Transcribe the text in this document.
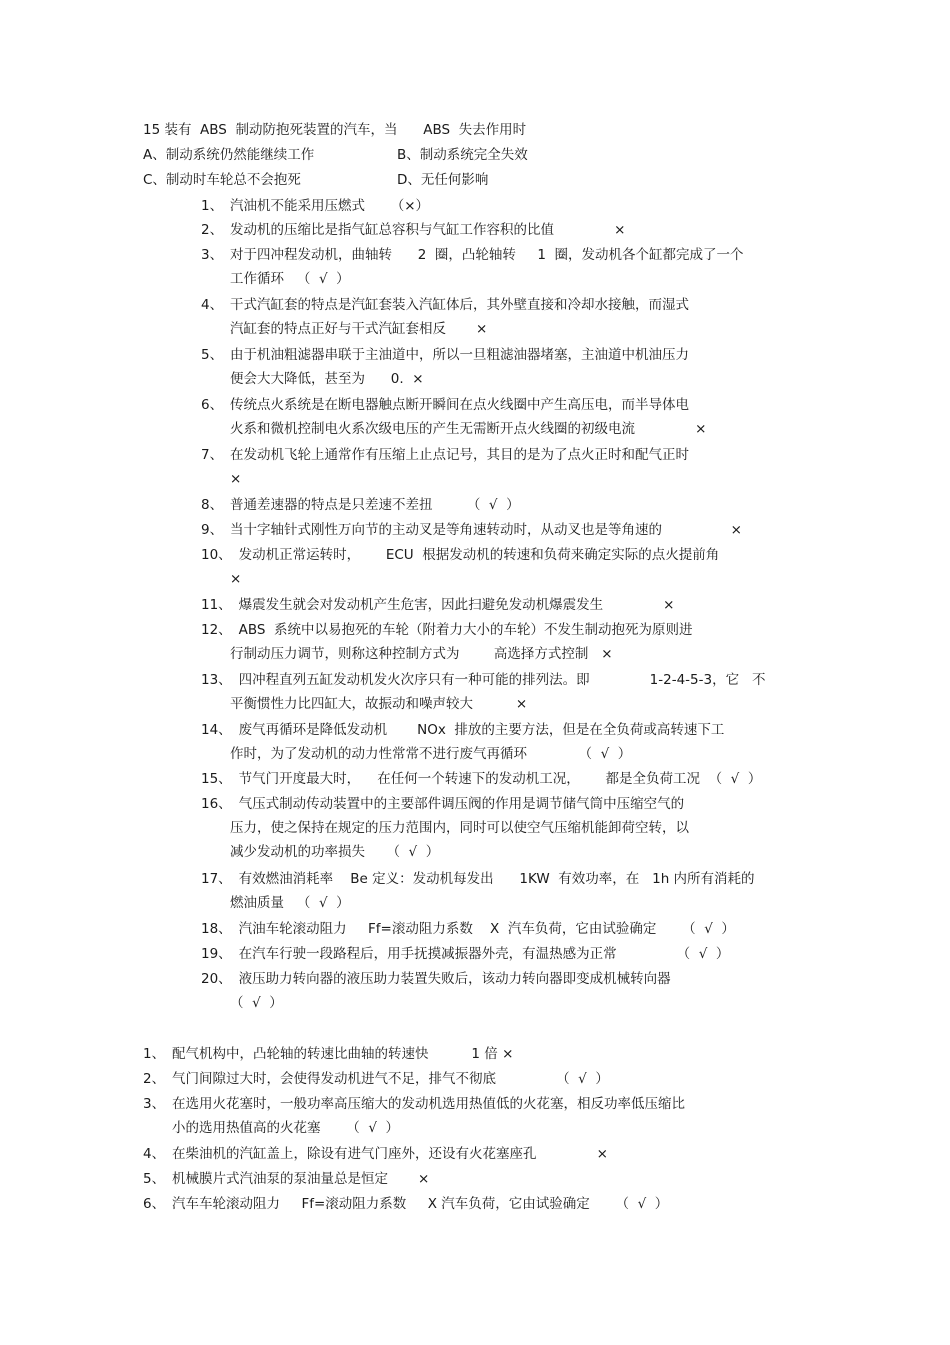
15 装有  ABS  制动防抱死装置的汽车，当      ABS  失去作用时
A、制动系统仍然能继续工作	B、制动系统完全失效
C、制动时车轮总不会抱死	D、无任何影响
1、 汽油机不能采用压燃式      （×）
2、 发动机的压缩比是指气缸总容积与气缸工作容积的比值              ×
3、 对于四冲程发动机，曲轴转      2  圈，凸轮轴转     1  圈，发动机各个缸都完成了一个
工作循环   （  √  ）
4、 干式汽缸套的特点是汽缸套装入汽缸体后，其外壁直接和冷却水接触，而湿式
汽缸套的特点正好与干式汽缸套相反       ×
5、 由于机油粗滤器串联于主油道中，所以一旦粗滤油器堵塞，主油道中机油压力
便会大大降低，甚至为      0.  ×
6、 传统点火系统是在断电器触点断开瞬间在点火线圈中产生高压电，而半导体电
火系和微机控制电火系次级电压的产生无需断开点火线圈的初级电流              ×
7、 在发动机飞轮上通常作有压缩上止点记号，其目的是为了点火正时和配气正时
×
8、 普通差速器的特点是只差速不差扭        （  √  ）
9、 当十字轴针式刚性万向节的主动叉是等角速转动时，从动叉也是等角速的                ×
10、
发动机正常运转时，      ECU  根据发动机的转速和负荷来确定实际的点火提前角
×
11、
爆震发生就会对发动机产生危害，因此扫避免发动机爆震发生              ×
12、
ABS  系统中以易抱死的车轮（附着力大小的车轮）不发生制动抱死为原则进
行制动压力调节，则称这种控制方式为        高选择方式控制   ×
13、
四冲程直列五缸发动机发火次序只有一种可能的排列法。即              1-2-4-5-3，它   不
平衡惯性力比四缸大，故振动和噪声较大          ×
14、
废气再循环是降低发动机       NOx  排放的主要方法，但是在全负荷或高转速下工
作时，为了发动机的动力性常常不进行废气再循环            （  √  ）
15、
节气门开度最大时，    在任何一个转速下的发动机工况，      都是全负荷工况  （  √  ）
16、
气压式制动传动装置中的主要部件调压阀的作用是调节储气筒中压缩空气的
压力，使之保持在规定的压力范围内，同时可以使空气压缩机能卸荷空转，以
减少发动机的功率损失     （  √  ）
17、
有效燃油消耗率    Be 定义：发动机每发出      1KW  有效功率，在   1h 内所有消耗的
燃油质量   （  √  ）
18、
汽油车轮滚动阻力     Ff=滚动阻力系数    X  汽车负荷，它由试验确定      （  √  ）
19、
在汽车行驶一段路程后，用手抚摸减振器外壳，有温热感为正常              （  √  ）
20、
液压助力转向器的液压助力装置失败后，该动力转向器即变成机械转向器
（  √  ）
1、 配气机构中，凸轮轴的转速比曲轴的转速快          1 倍 ×
2、 气门间隙过大时，会使得发动机进气不足，排气不彻底              （  √  ）
3、 在选用火花塞时，一般功率高压缩大的发动机选用热值低的火花塞，相反功率低压缩比
小的选用热值高的火花塞      （  √  ）
4、 在柴油机的汽缸盖上，除设有进气门座外，还设有火花塞座孔              ×
5、 机械膜片式汽油泵的泵油量总是恒定       ×
6、 汽车车轮滚动阻力     Ff=滚动阻力系数     X 汽车负荷，它由试验确定      （  √  ）
